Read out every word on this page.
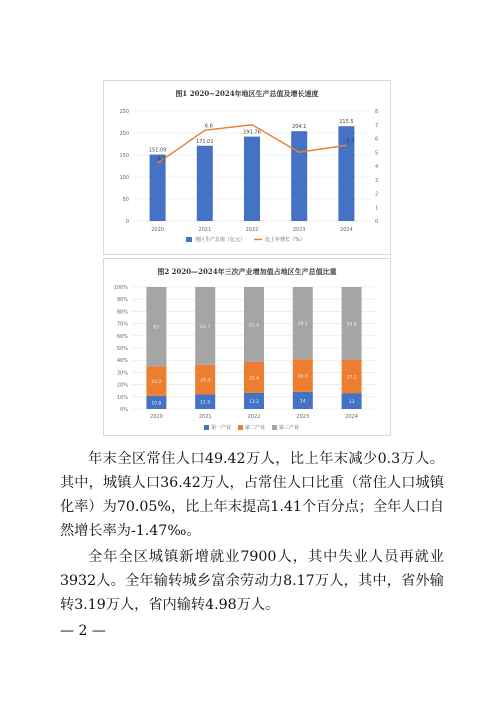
图1 2020~2024年地区生产总值及增长速度
0
50
100
150
200
250
0
1
2
3
4
5
6
7
8
151.09
171.01
191.76
204.1
215.5
4.2
6.6
5.5
2020	2021	2022	2023	2024
地区生产总值（亿元）	比上年增长（%）
图2 2020—2024年三次产业增加值占地区生产总值比重
0%
10%
20%
30%
40%
50%
60%
70%
80%
90%
100%
10.8
24.2
65
2020
11.9
24.4
63.7
2021
13.2
25.4
61.4
2022
14
26.9
59.1
2023
13
27.2
59.8
2024
第一产业	第二产业	第三产业

年末全区常住人口49.42万人，比上年末减少0.3万人。其中，城镇人口36.42万人，占常住人口比重（常住人口城镇化率）为70.05%，比上年末提高1.41个百分点；全年人口自然增长率为-1.47‰。

全年全区城镇新增就业7900人，其中失业人员再就业3932人。全年输转城乡富余劳动力8.17万人，其中，省外输转3.19万人，省内输转4.98万人。

— 2 —
